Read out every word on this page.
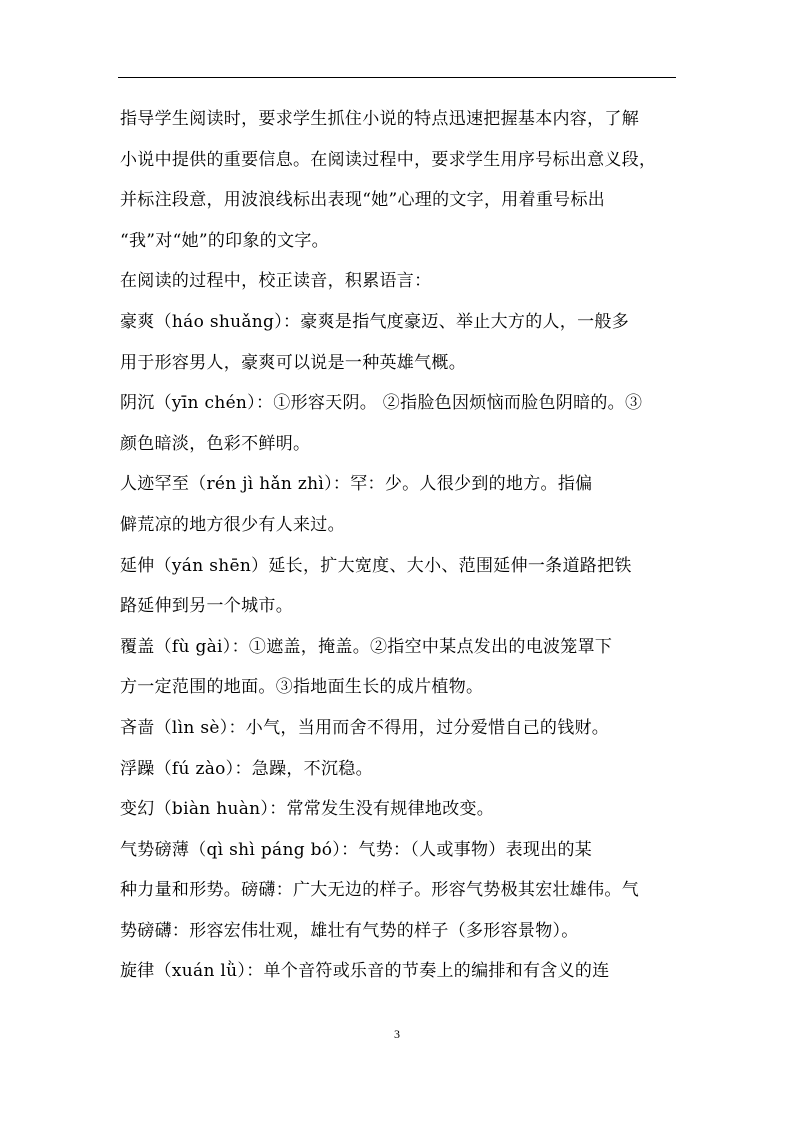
指导学生阅读时，要求学生抓住小说的特点迅速把握基本内容，了解
小说中提供的重要信息。在阅读过程中，要求学生用序号标出意义段，
并标注段意，用波浪线标出表现“她”心理的文字，用着重号标出
“我”对“她”的印象的文字。
在阅读的过程中，校正读音，积累语言：
豪爽（háo shuǎng）：豪爽是指气度豪迈、举止大方的人，一般多
用于形容男人，豪爽可以说是一种英雄气概。
阴沉（yīn chén）：①形容天阴。 ②指脸色因烦恼而脸色阴暗的。③
颜色暗淡，色彩不鲜明。
人迹罕至（rén jì hǎn zhì）：罕：少。人很少到的地方。指偏
僻荒凉的地方很少有人来过。
延伸（yán shēn）延长，扩大宽度、大小、范围延伸一条道路把铁
路延伸到另一个城市。
覆盖（fù gài）：①遮盖，掩盖。②指空中某点发出的电波笼罩下
方一定范围的地面。③指地面生长的成片植物。
吝啬（lìn sè）：小气，当用而舍不得用，过分爱惜自己的钱财。
浮躁（fú zào）：急躁，不沉稳。
变幻（biàn huàn）：常常发生没有规律地改变。
气势磅薄（qì shì páng bó）：气势：（人或事物）表现出的某
种力量和形势。磅礴：广大无边的样子。形容气势极其宏壮雄伟。气
势磅礴：形容宏伟壮观，雄壮有气势的样子（多形容景物）。
旋律（xuán lǜ）：单个音符或乐音的节奏上的编排和有含义的连
3
